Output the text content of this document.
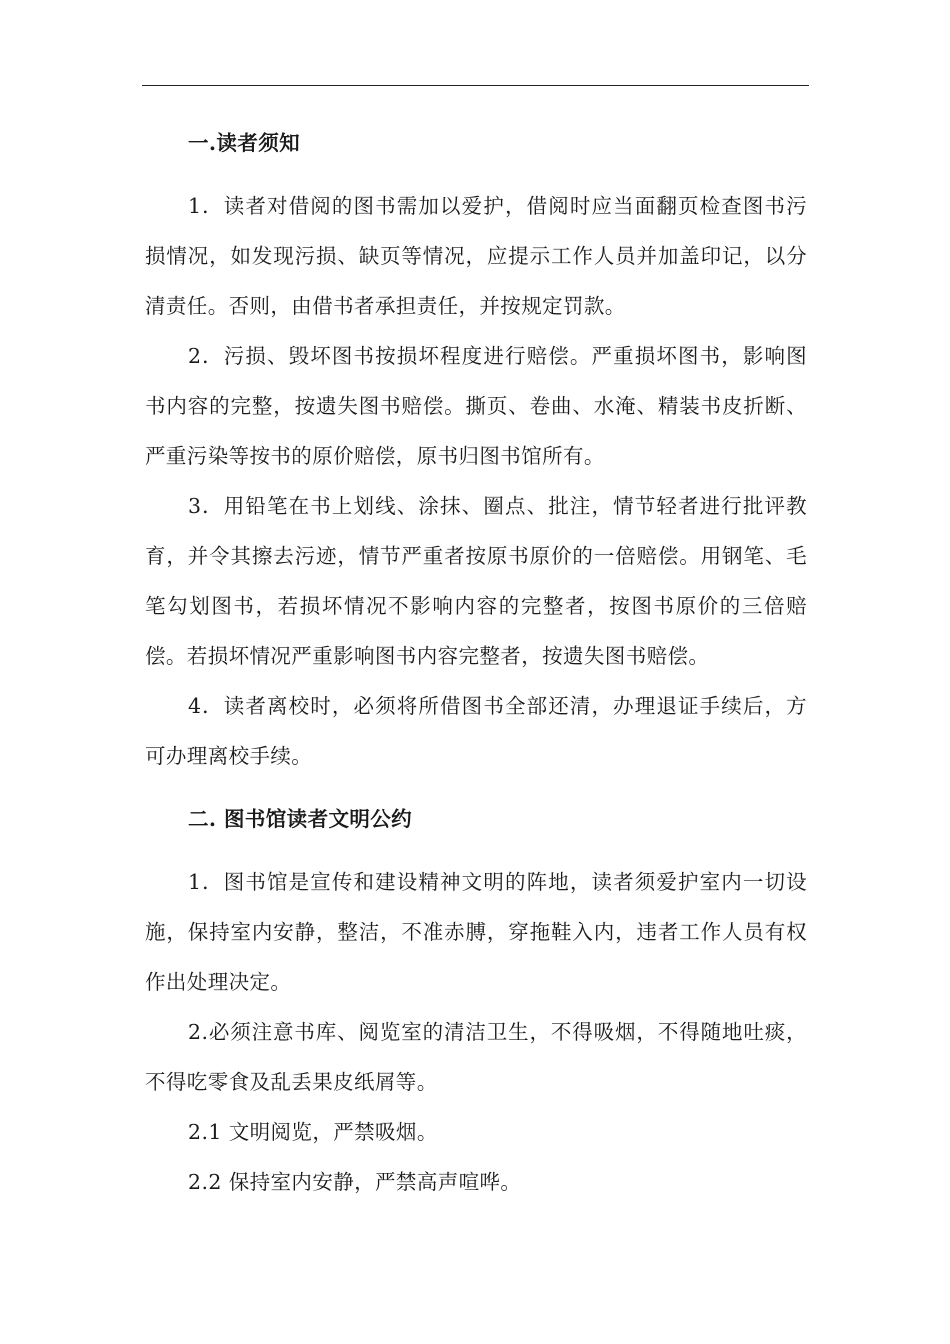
一.读者须知

1．读者对借阅的图书需加以爱护，借阅时应当面翻页检查图书污损情况，如发现污损、缺页等情况，应提示工作人员并加盖印记，以分清责任。否则，由借书者承担责任，并按规定罚款。

2．污损、毁坏图书按损坏程度进行赔偿。严重损坏图书，影响图书内容的完整，按遗失图书赔偿。撕页、卷曲、水淹、精装书皮折断、严重污染等按书的原价赔偿，原书归图书馆所有。

3．用铅笔在书上划线、涂抹、圈点、批注，情节轻者进行批评教育，并令其擦去污迹，情节严重者按原书原价的一倍赔偿。用钢笔、毛笔勾划图书，若损坏情况不影响内容的完整者，按图书原价的三倍赔偿。若损坏情况严重影响图书内容完整者，按遗失图书赔偿。

4．读者离校时，必须将所借图书全部还清，办理退证手续后，方可办理离校手续。

二. 图书馆读者文明公约

1．图书馆是宣传和建设精神文明的阵地，读者须爱护室内一切设施，保持室内安静，整洁，不准赤膊，穿拖鞋入内，违者工作人员有权作出处理决定。

2.必须注意书库、阅览室的清洁卫生，不得吸烟，不得随地吐痰，不得吃零食及乱丢果皮纸屑等。

2.1 文明阅览，严禁吸烟。

2.2 保持室内安静，严禁高声喧哗。
